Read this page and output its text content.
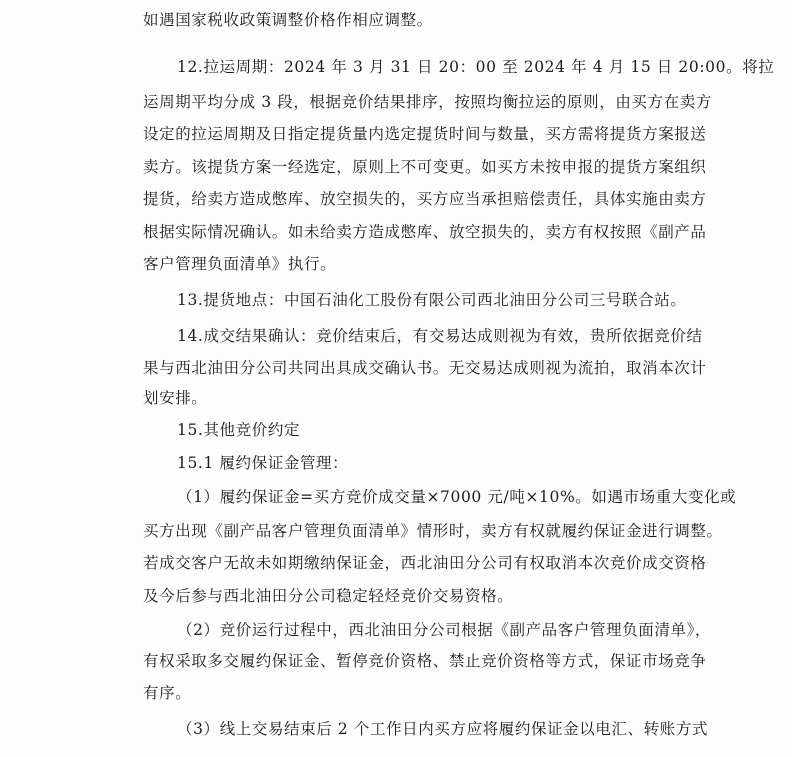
如遇国家税收政策调整价格作相应调整。
12.拉运周期：2024 年 3 月 31 日 20：00 至 2024 年 4 月 15 日 20:00。将拉
运周期平均分成 3 段，根据竞价结果排序，按照均衡拉运的原则，由买方在卖方
设定的拉运周期及日指定提货量内选定提货时间与数量，买方需将提货方案报送
卖方。该提货方案一经选定，原则上不可变更。如买方未按申报的提货方案组织
提货，给卖方造成憋库、放空损失的，买方应当承担赔偿责任，具体实施由卖方
根据实际情况确认。如未给卖方造成憋库、放空损失的，卖方有权按照《副产品
客户管理负面清单》执行。
13.提货地点：中国石油化工股份有限公司西北油田分公司三号联合站。
14.成交结果确认：竞价结束后，有交易达成则视为有效，贵所依据竞价结
果与西北油田分公司共同出具成交确认书。无交易达成则视为流拍，取消本次计
划安排。
15.其他竞价约定
15.1 履约保证金管理：
（1）履约保证金=买方竞价成交量×7000 元/吨×10%。如遇市场重大变化或
买方出现《副产品客户管理负面清单》情形时，卖方有权就履约保证金进行调整。
若成交客户无故未如期缴纳保证金，西北油田分公司有权取消本次竞价成交资格
及今后参与西北油田分公司稳定轻烃竞价交易资格。
（2）竞价运行过程中，西北油田分公司根据《副产品客户管理负面清单》，
有权采取多交履约保证金、暂停竞价资格、禁止竞价资格等方式，保证市场竞争
有序。
（3）线上交易结束后 2 个工作日内买方应将履约保证金以电汇、转账方式
